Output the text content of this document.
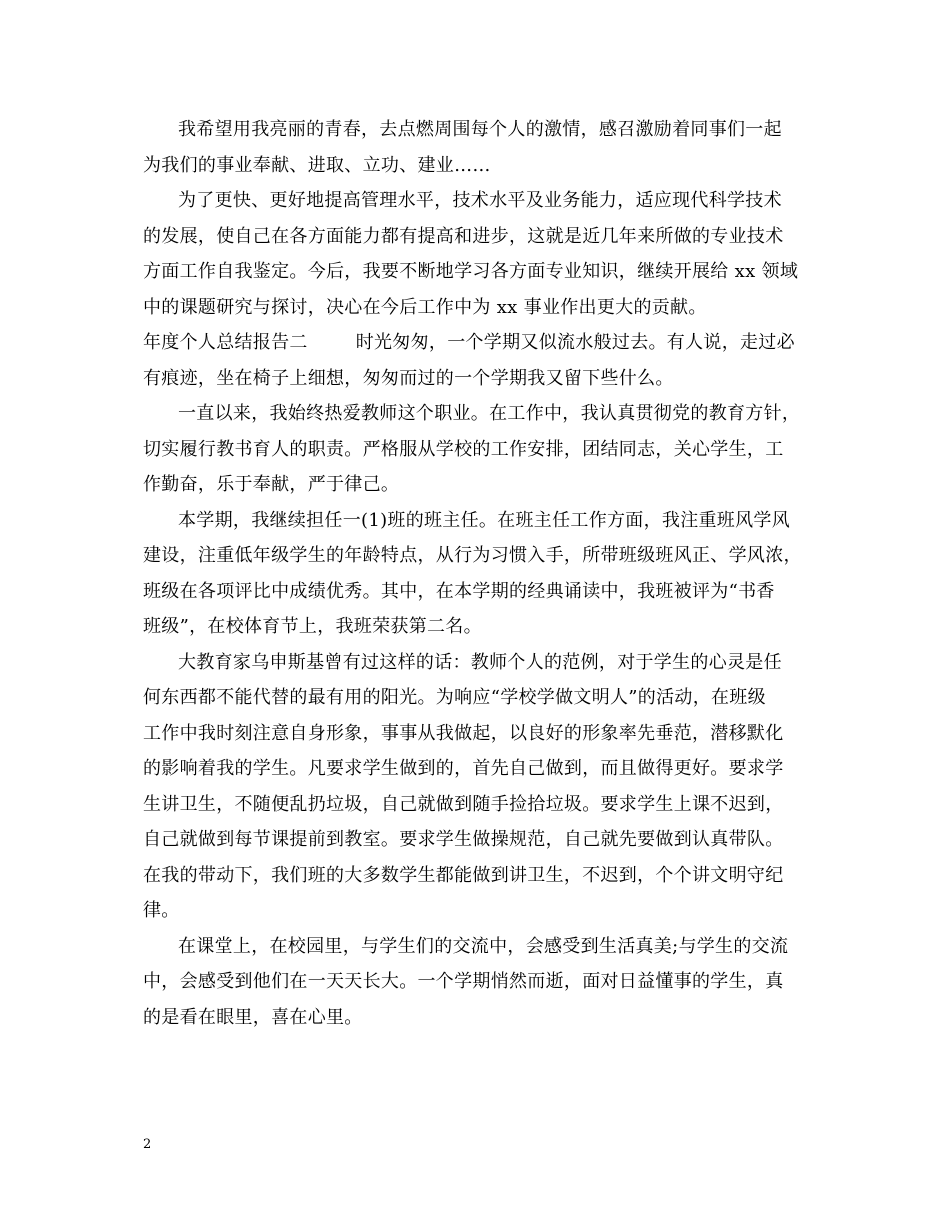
我希望用我亮丽的青春，去点燃周围每个人的激情，感召激励着同事们一起
为我们的事业奉献、进取、立功、建业……
为了更快、更好地提高管理水平，技术水平及业务能力，适应现代科学技术
的发展，使自己在各方面能力都有提高和进步，这就是近几年来所做的专业技术
方面工作自我鉴定。今后，我要不断地学习各方面专业知识，继续开展给 xx 领域
中的课题研究与探讨，决心在今后工作中为 xx 事业作出更大的贡献。
年度个人总结报告二	时光匆匆，一个学期又似流水般过去。有人说，走过必
有痕迹，坐在椅子上细想，匆匆而过的一个学期我又留下些什么。
一直以来，我始终热爱教师这个职业。在工作中，我认真贯彻党的教育方针，
切实履行教书育人的职责。严格服从学校的工作安排，团结同志，关心学生，工
作勤奋，乐于奉献，严于律己。
本学期，我继续担任一(1)班的班主任。在班主任工作方面，我注重班风学风
建设，注重低年级学生的年龄特点，从行为习惯入手，所带班级班风正、学风浓，
班级在各项评比中成绩优秀。其中，在本学期的经典诵读中，我班被评为“书香
班级”，在校体育节上，我班荣获第二名。
大教育家乌申斯基曾有过这样的话：教师个人的范例，对于学生的心灵是任
何东西都不能代替的最有用的阳光。为响应“学校学做文明人”的活动，在班级
工作中我时刻注意自身形象，事事从我做起，以良好的形象率先垂范，潜移默化
的影响着我的学生。凡要求学生做到的，首先自己做到，而且做得更好。要求学
生讲卫生，不随便乱扔垃圾，自己就做到随手捡拾垃圾。要求学生上课不迟到，
自己就做到每节课提前到教室。要求学生做操规范，自己就先要做到认真带队。
在我的带动下，我们班的大多数学生都能做到讲卫生，不迟到，个个讲文明守纪
律。
在课堂上，在校园里，与学生们的交流中，会感受到生活真美;与学生的交流
中，会感受到他们在一天天长大。一个学期悄然而逝，面对日益懂事的学生，真
的是看在眼里，喜在心里。
2
